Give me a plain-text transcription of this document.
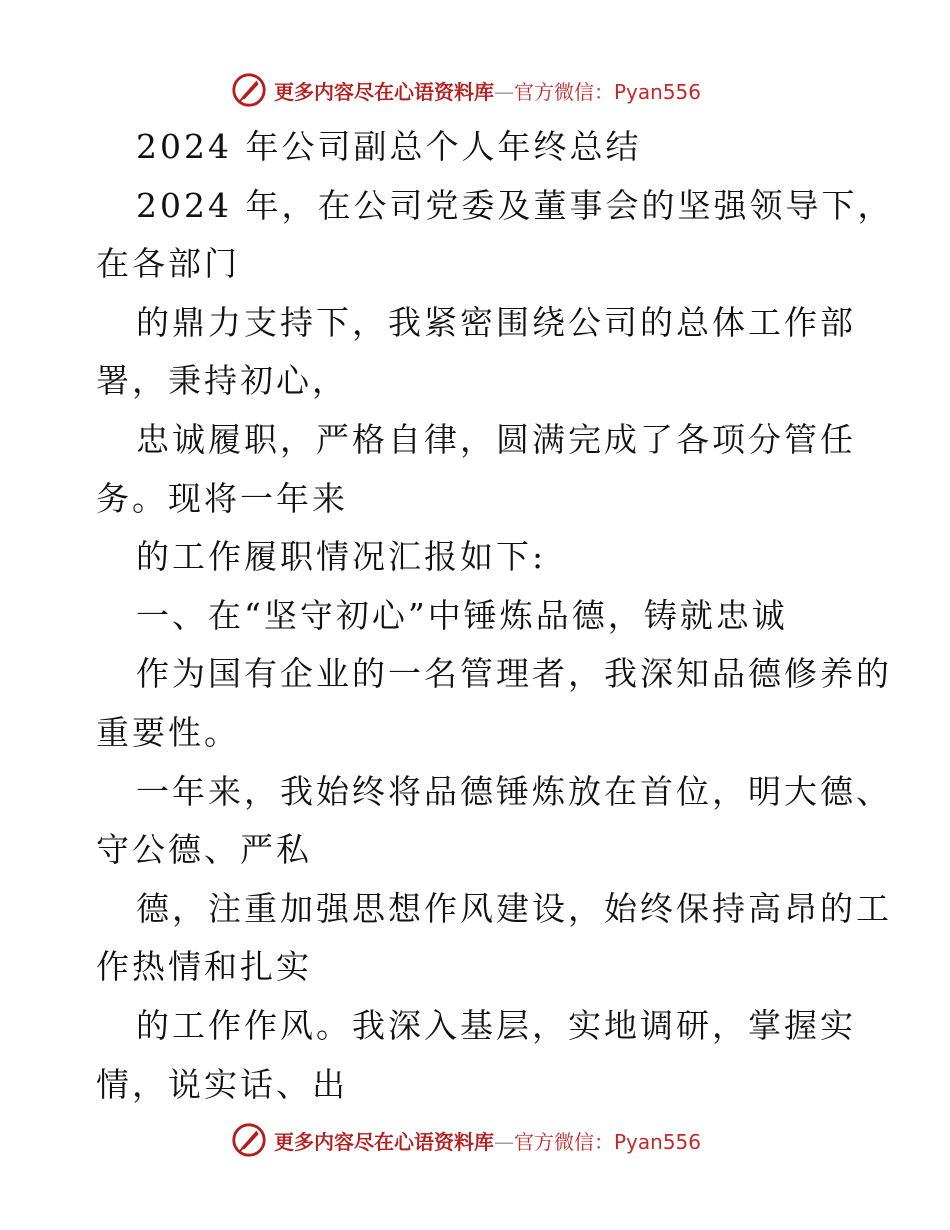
更多内容尽在心语资料库—官方微信：Pyan556
2024 年公司副总个人年终总结
2024 年，在公司党委及董事会的坚强领导下，
在各部门
的鼎力支持下，我紧密围绕公司的总体工作部
署，秉持初心，
忠诚履职，严格自律，圆满完成了各项分管任
务。现将一年来
的工作履职情况汇报如下:
一、在“坚守初心”中锤炼品德，铸就忠诚
作为国有企业的一名管理者，我深知品德修养的
重要性。
一年来，我始终将品德锤炼放在首位，明大德、
守公德、严私
德，注重加强思想作风建设，始终保持高昂的工
作热情和扎实
的工作作风。我深入基层，实地调研，掌握实
情，说实话、出
更多内容尽在心语资料库—官方微信：Pyan556
